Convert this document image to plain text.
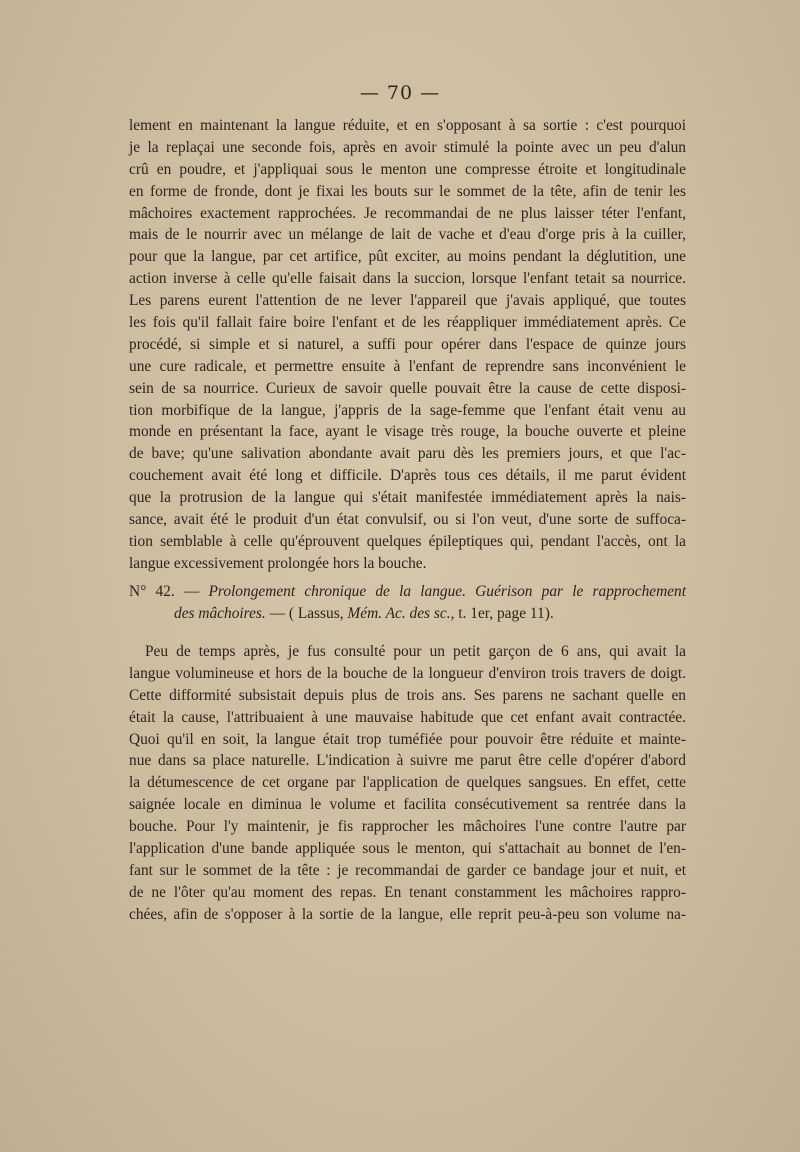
— 70 —
lement en maintenant la langue réduite, et en s'opposant à sa sortie : c'est pourquoi
je la replaçai une seconde fois, après en avoir stimulé la pointe avec un peu d'alun
crû en poudre, et j'appliquai sous le menton une compresse étroite et longitudinale
en forme de fronde, dont je fixai les bouts sur le sommet de la tête, afin de tenir les
mâchoires exactement rapprochées. Je recommandai de ne plus laisser téter l'enfant,
mais de le nourrir avec un mélange de lait de vache et d'eau d'orge pris à la cuiller,
pour que la langue, par cet artifice, pût exciter, au moins pendant la déglutition, une
action inverse à celle qu'elle faisait dans la succion, lorsque l'enfant tetait sa nourrice.
Les parens eurent l'attention de ne lever l'appareil que j'avais appliqué, que toutes
les fois qu'il fallait faire boire l'enfant et de les réappliquer immédiatement après. Ce
procédé, si simple et si naturel, a suffi pour opérer dans l'espace de quinze jours
une cure radicale, et permettre ensuite à l'enfant de reprendre sans inconvénient le
sein de sa nourrice. Curieux de savoir quelle pouvait être la cause de cette disposi-
tion morbifique de la langue, j'appris de la sage-femme que l'enfant était venu au
monde en présentant la face, ayant le visage très rouge, la bouche ouverte et pleine
de bave; qu'une salivation abondante avait paru dès les premiers jours, et que l'ac-
couchement avait été long et difficile. D'après tous ces détails, il me parut évident
que la protrusion de la langue qui s'était manifestée immédiatement après la nais-
sance, avait été le produit d'un état convulsif, ou si l'on veut, d'une sorte de suffoca-
tion semblable à celle qu'éprouvent quelques épileptiques qui, pendant l'accès, ont la
langue excessivement prolongée hors la bouche.
N° 42. — Prolongement chronique de la langue. Guérison par le rapprochement
des mâchoires. — ( Lassus, Mém. Ac. des sc., t. 1er, page 11).
Peu de temps après, je fus consulté pour un petit garçon de 6 ans, qui avait la
langue volumineuse et hors de la bouche de la longueur d'environ trois travers de doigt.
Cette difformité subsistait depuis plus de trois ans. Ses parens ne sachant quelle en
était la cause, l'attribuaient à une mauvaise habitude que cet enfant avait contractée.
Quoi qu'il en soit, la langue était trop tuméfiée pour pouvoir être réduite et mainte-
nue dans sa place naturelle. L'indication à suivre me parut être celle d'opérer d'abord
la détumescence de cet organe par l'application de quelques sangsues. En effet, cette
saignée locale en diminua le volume et facilita consécutivement sa rentrée dans la
bouche. Pour l'y maintenir, je fis rapprocher les mâchoires l'une contre l'autre par
l'application d'une bande appliquée sous le menton, qui s'attachait au bonnet de l'en-
fant sur le sommet de la tête : je recommandai de garder ce bandage jour et nuit, et
de ne l'ôter qu'au moment des repas. En tenant constamment les mâchoires rappro-
chées, afin de s'opposer à la sortie de la langue, elle reprit peu-à-peu son volume na-
